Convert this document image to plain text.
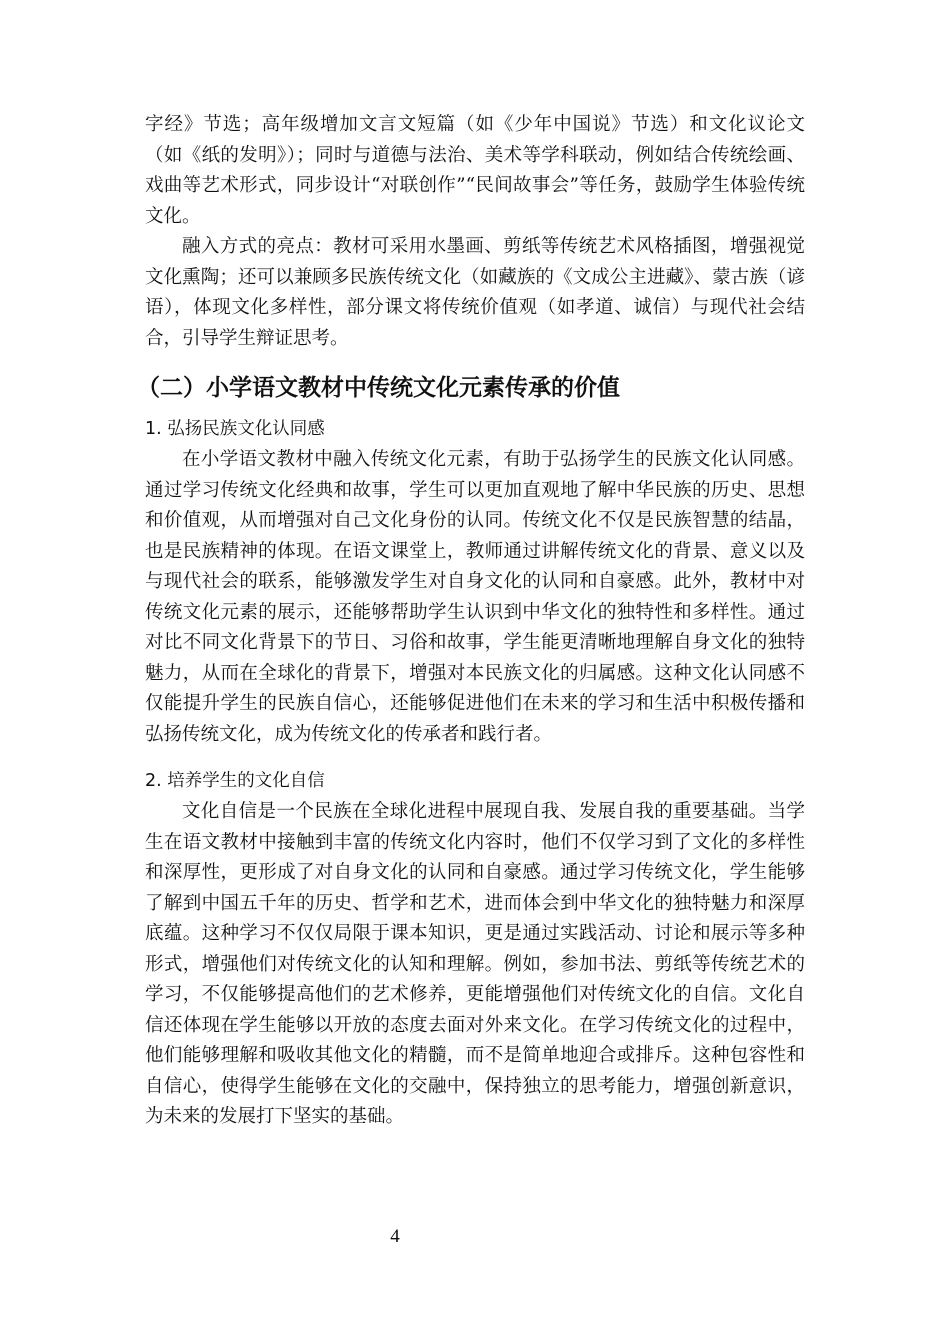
字经》节选；高年级增加文言文短篇（如《少年中国说》节选）和文化议论文（如《纸的发明》）；同时与道德与法治、美术等学科联动，例如结合传统绘画、戏曲等艺术形式，同步设计“对联创作”“民间故事会”等任务，鼓励学生体验传统文化。

融入方式的亮点：教材可采用水墨画、剪纸等传统艺术风格插图，增强视觉文化熏陶；还可以兼顾多民族传统文化（如藏族的《文成公主进藏》、蒙古族（谚语），体现文化多样性，部分课文将传统价值观（如孝道、诚信）与现代社会结合，引导学生辩证思考。

（二）小学语文教材中传统文化元素传承的价值
1. 弘扬民族文化认同感

在小学语文教材中融入传统文化元素，有助于弘扬学生的民族文化认同感。通过学习传统文化经典和故事，学生可以更加直观地了解中华民族的历史、思想和价值观，从而增强对自己文化身份的认同。传统文化不仅是民族智慧的结晶，也是民族精神的体现。在语文课堂上，教师通过讲解传统文化的背景、意义以及与现代社会的联系，能够激发学生对自身文化的认同和自豪感。此外，教材中对传统文化元素的展示，还能够帮助学生认识到中华文化的独特性和多样性。通过对比不同文化背景下的节日、习俗和故事，学生能更清晰地理解自身文化的独特魅力，从而在全球化的背景下，增强对本民族文化的归属感。这种文化认同感不仅能提升学生的民族自信心，还能够促进他们在未来的学习和生活中积极传播和弘扬传统文化，成为传统文化的传承者和践行者。

2. 培养学生的文化自信

文化自信是一个民族在全球化进程中展现自我、发展自我的重要基础。当学生在语文教材中接触到丰富的传统文化内容时，他们不仅学习到了文化的多样性和深厚性，更形成了对自身文化的认同和自豪感。通过学习传统文化，学生能够了解到中国五千年的历史、哲学和艺术，进而体会到中华文化的独特魅力和深厚底蕴。这种学习不仅仅局限于课本知识，更是通过实践活动、讨论和展示等多种形式，增强他们对传统文化的认知和理解。例如，参加书法、剪纸等传统艺术的学习，不仅能够提高他们的艺术修养，更能增强他们对传统文化的自信。文化自信还体现在学生能够以开放的态度去面对外来文化。在学习传统文化的过程中，他们能够理解和吸收其他文化的精髓，而不是简单地迎合或排斥。这种包容性和自信心，使得学生能够在文化的交融中，保持独立的思考能力，增强创新意识，为未来的发展打下坚实的基础。

4
